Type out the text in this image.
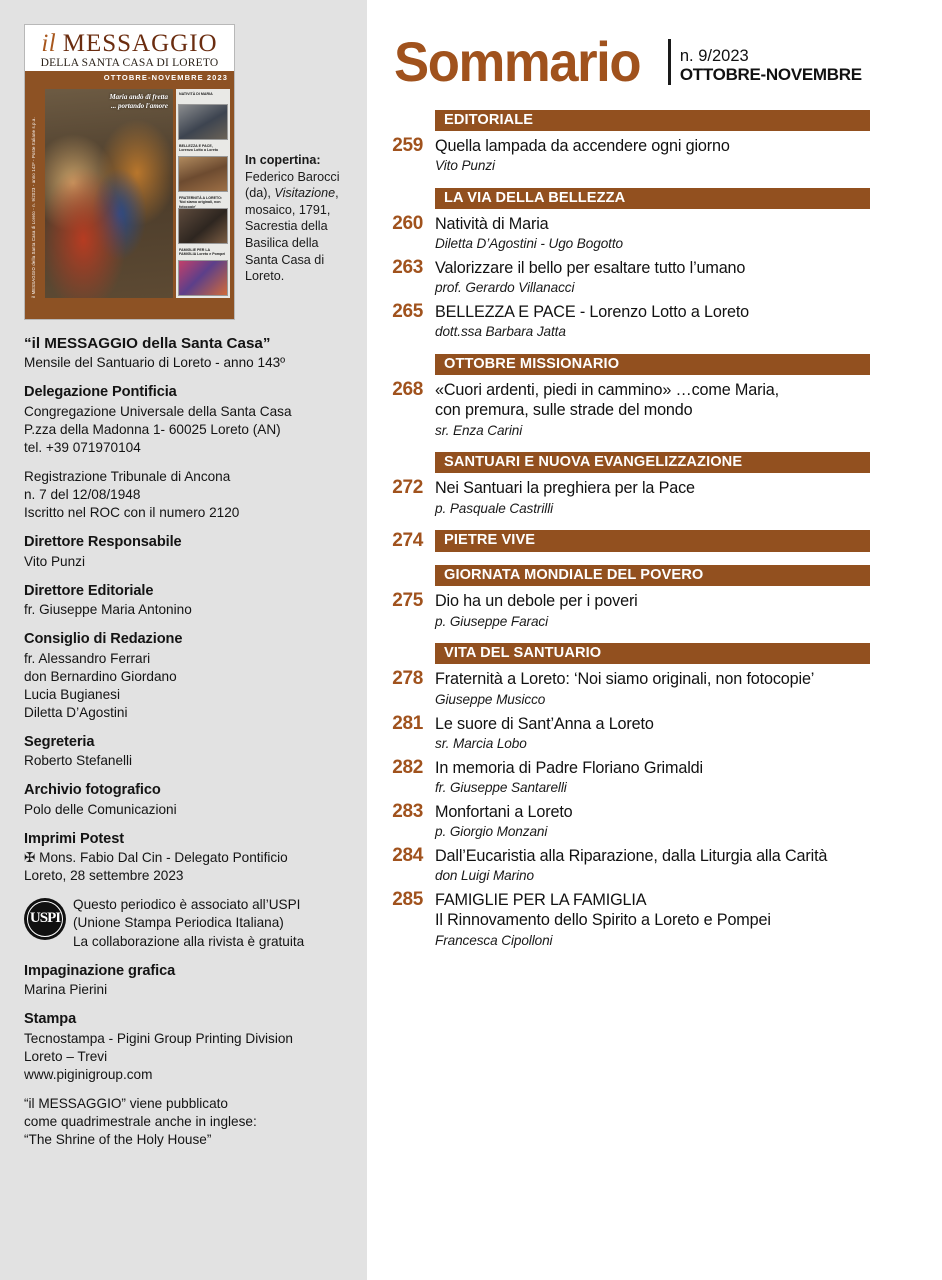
il MESSAGGIO
DELLA SANTA CASA DI LORETO
OTTOBRE-NOVEMBRE 2023
il MESSAGGIO della Santa Casa di Loreto - n. 9/2023 - anno 143º - Poste Italiane s.p.a.
Maria andò di fretta
... portando l'amore
NATIVITÀ DI MARIA
BELLEZZA E PACE, Lorenzo Lotto a Loreto
FRATERNITÀ A LORETO: 'Noi siamo originali, non fotocopie'
FAMIGLIE PER LA FAMIGLIA Loreto e Pompei
In copertina:
Federico Barocci (da), Visitazione, mosaico, 1791, Sacrestia della Basilica della Santa Casa di Loreto.
“il MESSAGGIO della Santa Casa”
Mensile del Santuario di Loreto - anno 143º
Delegazione Pontificia
Congregazione Universale della Santa Casa
P.zza della Madonna 1- 60025 Loreto (AN)
tel. +39 071970104
Registrazione Tribunale di Ancona
n. 7 del 12/08/1948
Iscritto nel ROC con il numero 2120
Direttore Responsabile
Vito Punzi
Direttore Editoriale
fr. Giuseppe Maria Antonino
Consiglio di Redazione
fr. Alessandro Ferrari
don Bernardino Giordano
Lucia Bugianesi
Diletta D’Agostini
Segreteria
Roberto Stefanelli
Archivio fotografico
Polo delle Comunicazioni
Imprimi Potest
✠ Mons. Fabio Dal Cin - Delegato Pontificio
Loreto, 28 settembre 2023
USPI
Questo periodico è associato all’USPI
(Unione Stampa Periodica Italiana)
La collaborazione alla rivista è gratuita
Impaginazione grafica
Marina Pierini
Stampa
Tecnostampa - Pigini Group Printing Division
Loreto – Trevi
www.piginigroup.com
“il MESSAGGIO” viene pubblicato
come quadrimestrale anche in inglese:
“The Shrine of the Holy House”
Sommario n. 9/2023
OTTOBRE-NOVEMBRE
EDITORIALE
259 Quella lampada da accendere ogni giorno
Vito Punzi
LA VIA DELLA BELLEZZA
260 Natività di Maria
Diletta D’Agostini - Ugo Bogotto
263 Valorizzare il bello per esaltare tutto l’umano
prof. Gerardo Villanacci
265 BELLEZZA E PACE - Lorenzo Lotto a Loreto
dott.ssa Barbara Jatta
OTTOBRE MISSIONARIO
268 «Cuori ardenti, piedi in cammino» …come Maria,
con premura, sulle strade del mondo
sr. Enza Carini
SANTUARI E NUOVA EVANGELIZZAZIONE
272 Nei Santuari la preghiera per la Pace
p. Pasquale Castrilli
274	PIETRE VIVE
GIORNATA MONDIALE DEL POVERO
275 Dio ha un debole per i poveri
p. Giuseppe Faraci
VITA DEL SANTUARIO
278 Fraternità a Loreto: ‘Noi siamo originali, non fotocopie’
Giuseppe Musicco
281 Le suore di Sant’Anna a Loreto
sr. Marcia Lobo
282 In memoria di Padre Floriano Grimaldi
fr. Giuseppe Santarelli
283 Monfortani a Loreto
p. Giorgio Monzani
284 Dall’Eucaristia alla Riparazione, dalla Liturgia alla Carità
don Luigi Marino
285 FAMIGLIE PER LA FAMIGLIA
Il Rinnovamento dello Spirito a Loreto e Pompei
Francesca Cipolloni
